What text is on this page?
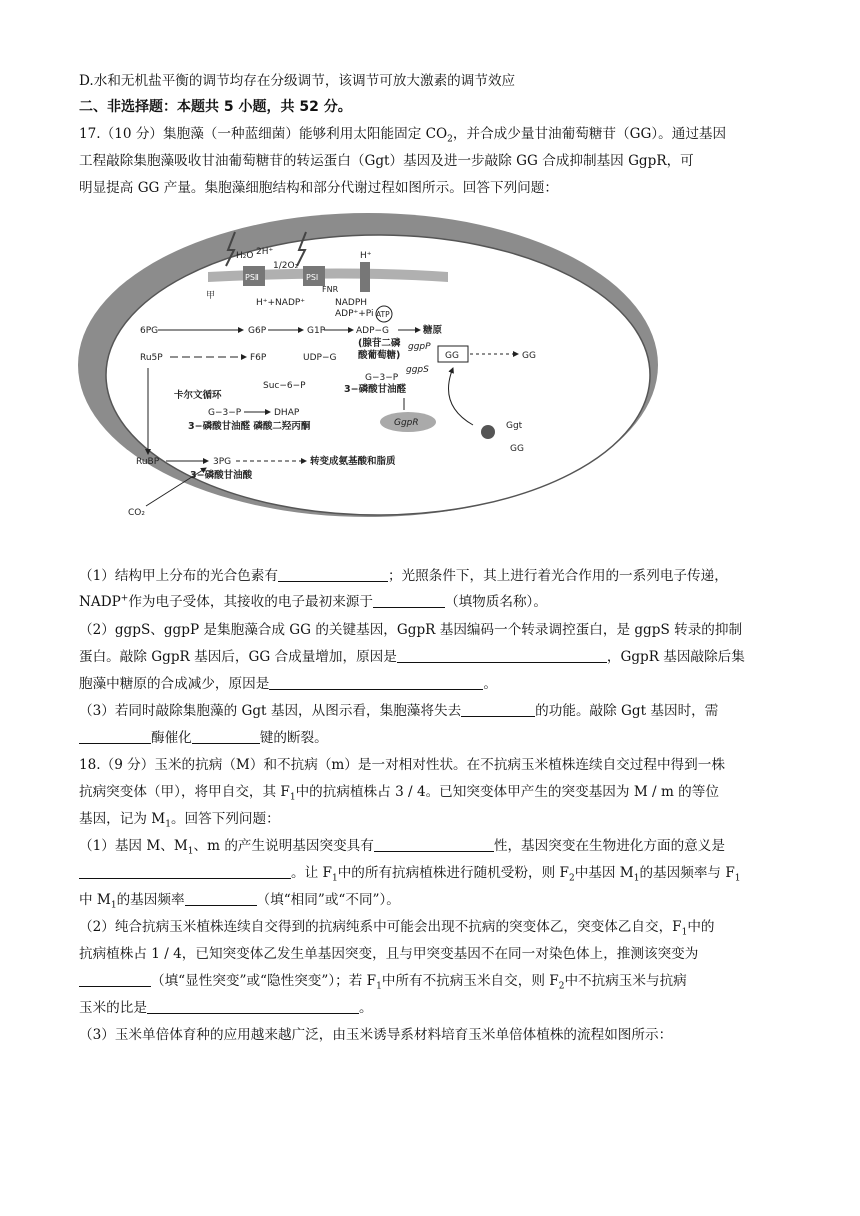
D.水和无机盐平衡的调节均存在分级调节，该调节可放大激素的调节效应
二、非选择题：本题共 5 小题，共 52 分。
17.（10 分）集胞藻（一种蓝细菌）能够利用太阳能固定 $CO_2$，并合成少量甘油葡萄糖苷（GG）。通过基因
工程敲除集胞藻吸收甘油葡萄糖苷的转运蛋白（Ggt）基因及进一步敲除 GG 合成抑制基因 GgpR，可
明显提高 GG 产量。集胞藻细胞结构和部分代谢过程如图所示。回答下列问题：
H₂O 2H⁺
1/2O₂
PSⅡ	PSⅠ
FNR
H⁺
甲
H⁺+NADP⁺	NADPH
ADP⁺+Pi ATP
6PG	G6P	G1P	ADP−G	糖原
Ru5P	F6P	UDP−G
(腺苷二磷
酸葡萄糖)
ggpP
GG	GG
ggpS
卡尔文循环
Suc−6−P
G−3−P
3−磷酸甘油醛
GgpR
G−3−P	DHAP
3−磷酸甘油醛 磷酸二羟丙酮	Ggt
GG
RuBP	3PG	转变成氨基酸和脂质
3−磷酸甘油酸
CO₂
（1）结构甲上分布的光合色素有	；光照条件下，其上进行着光合作用的一系列电子传递，
NADP+作为电子受体，其接收的电子最初来源于	（填物质名称）。
（2）ggpS、ggpP 是集胞藻合成 GG 的关键基因，GgpR 基因编码一个转录调控蛋白，是 ggpS 转录的抑制
蛋白。敲除 GgpR 基因后，GG 合成量增加，原因是	，GgpR 基因敲除后集
胞藻中糖原的合成减少，原因是	。
（3）若同时敲除集胞藻的 Ggt 基因，从图示看，集胞藻将失去	的功能。敲除 Ggt 基因时，需
酶催化	键的断裂。
18.（9 分）玉米的抗病（M）和不抗病（m）是一对相对性状。在不抗病玉米植株连续自交过程中得到一株
抗病突变体（甲），将甲自交，其 $F_1$中的抗病植株占 3 / 4。已知突变体甲产生的突变基因为 M / m 的等位
基因，记为 $M_1$。回答下列问题：
（1）基因 M、$M_1$、m 的产生说明基因突变具有	性，基因突变在生物进化方面的意义是
。让 $F_1$中的所有抗病植株进行随机受粉，则 $F_2$中基因 $M_1$的基因频率与 $F_1$
中 $M_1$的基因频率	（填“相同”或“不同”）。
（2）纯合抗病玉米植株连续自交得到的抗病纯系中可能会出现不抗病的突变体乙，突变体乙自交，$F_1$中的
抗病植株占 1 / 4，已知突变体乙发生单基因突变，且与甲突变基因不在同一对染色体上，推测该突变为
（填“显性突变”或“隐性突变”）；若 $F_1$中所有不抗病玉米自交，则 $F_2$中不抗病玉米与抗病
玉米的比是	。
（3）玉米单倍体育种的应用越来越广泛，由玉米诱导系材料培育玉米单倍体植株的流程如图所示：
